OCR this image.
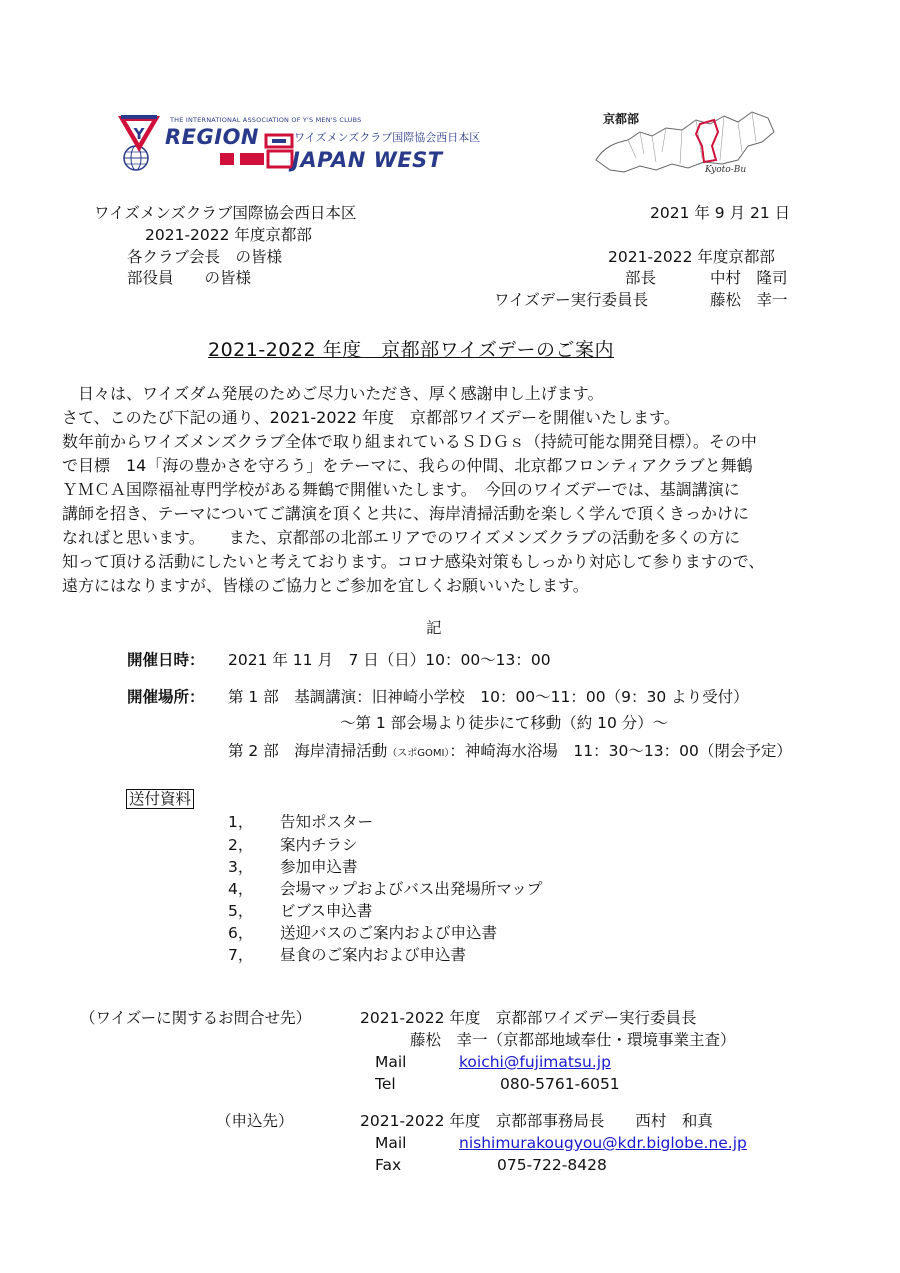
Y
THE INTERNATIONAL ASSOCIATION OF Y'S MEN'S CLUBS
REGION	ワイズメンズクラブ国際協会西日本区
JAPAN WEST
京都部
Kyoto-Bu
ワイズメンズクラブ国際協会西日本区
2021-2022 年度京都部
各クラブ会長　の皆様
部役員　　の皆様
2021 年 9 月 21 日
2021-2022 年度京都部
部長	中村　隆司
ワイズデー実行委員長	藤松　幸一
2021-2022 年度　京都部ワイズデーのご案内
　日々は、ワイズダム発展のためご尽力いただき、厚く感謝申し上げます。
さて、このたび下記の通り、2021-2022 年度　京都部ワイズデーを開催いたします。
数年前からワイズメンズクラブ全体で取り組まれているＳＤＧｓ（持続可能な開発目標）。その中
で目標　14「海の豊かさを守ろう」をテーマに、我らの仲間、北京都フロンティアクラブと舞鶴
ＹＭＣＡ国際福祉専門学校がある舞鶴で開催いたします。　今回のワイズデーでは、基調講演に
講師を招き、テーマについてご講演を頂くと共に、海岸清掃活動を楽しく学んで頂くきっかけに
なればと思います。　　また、京都部の北部エリアでのワイズメンズクラブの活動を多くの方に
知って頂ける活動にしたいと考えております。コロナ感染対策もしっかり対応して参りますので、
遠方にはなりますが、皆様のご協力とご参加を宜しくお願いいたします。
記
開催日時： 2021 年 11 月　7 日（日）10：00～13：00
開催場所： 第 1 部　基調講演：旧神崎小学校　10：00～11：00（9：30 より受付）
～第 1 部会場より徒歩にて移動（約 10 分）～
第 2 部　海岸清掃活動（スポGOMI）：神崎海水浴場　11：30～13：00（閉会予定）
送付資料
1， 告知ポスター
2， 案内チラシ
3， 参加申込書
4， 会場マップおよびバス出発場所マップ
5， ビブス申込書
6， 送迎バスのご案内および申込書
7， 昼食のご案内および申込書
（ワイズーに関するお問合せ先）	2021-2022 年度　京都部ワイズデー実行委員長
藤松　幸一（京都部地域奉仕・環境事業主査）
Mail	koichi@fujimatsu.jp
Tel	080-5761-6051
（申込先）	2021-2022 年度　京都部事務局長　　西村　和真
Mail	nishimurakougyou@kdr.biglobe.ne.jp
Fax	075-722-8428
